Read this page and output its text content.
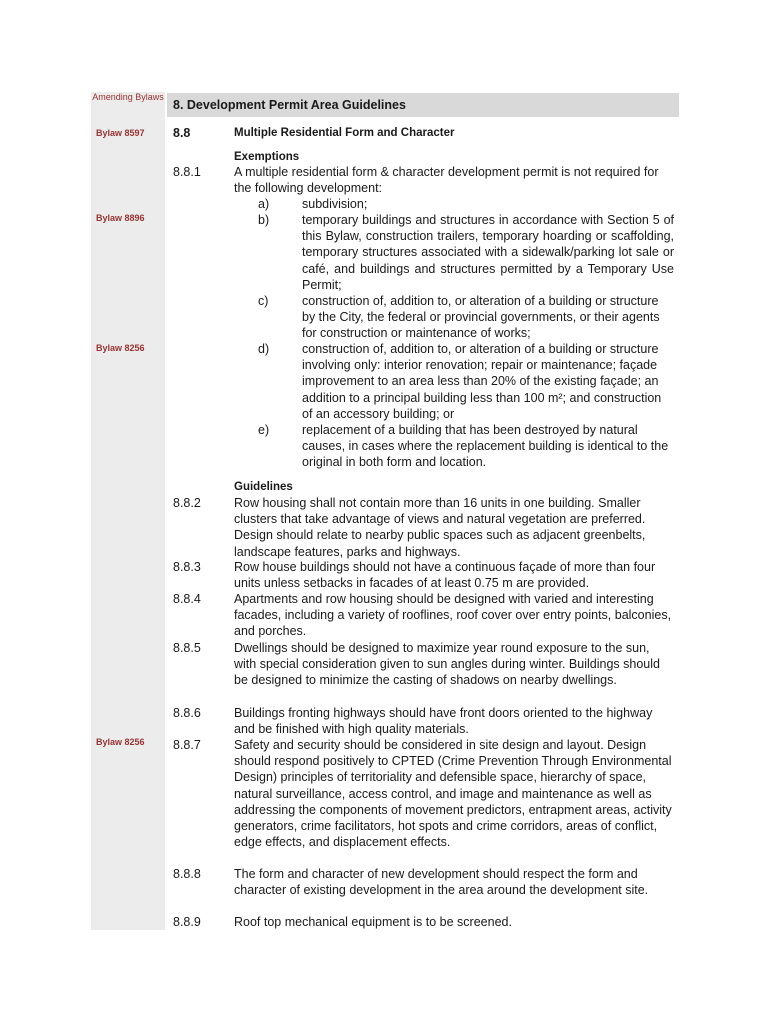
Amending Bylaws
Bylaw 8597
Bylaw 8896
Bylaw 8256
Bylaw 8256
8. Development Permit Area Guidelines
8.8	Multiple Residential Form and Character
Exemptions
8.8.1	A multiple residential form & character development permit is not required for the following development:
a)	subdivision;
b)	temporary buildings and structures in accordance with Section 5 of this Bylaw, construction trailers, temporary hoarding or scaffolding, temporary structures associated with a sidewalk/parking lot sale or café, and buildings and structures permitted by a Temporary Use Permit;
c)	construction of, addition to, or alteration of a building or structure by the City, the federal or provincial governments, or their agents for construction or maintenance of works;
d)	construction of, addition to, or alteration of a building or structure involving only: interior renovation; repair or maintenance; façade improvement to an area less than 20% of the existing façade; an addition to a principal building less than 100 m²; and construction of an accessory building; or
e)	replacement of a building that has been destroyed by natural causes, in cases where the replacement building is identical to the original in both form and location.
Guidelines
8.8.2	Row housing shall not contain more than 16 units in one building. Smaller clusters that take advantage of views and natural vegetation are preferred. Design should relate to nearby public spaces such as adjacent greenbelts, landscape features, parks and highways.
8.8.3	Row house buildings should not have a continuous façade of more than four units unless setbacks in facades of at least 0.75 m are provided.
8.8.4	Apartments and row housing should be designed with varied and interesting facades, including a variety of rooflines, roof cover over entry points, balconies, and porches.
8.8.5	Dwellings should be designed to maximize year round exposure to the sun, with special consideration given to sun angles during winter. Buildings should be designed to minimize the casting of shadows on nearby dwellings.
8.8.6	Buildings fronting highways should have front doors oriented to the highway and be finished with high quality materials.
8.8.7	Safety and security should be considered in site design and layout. Design should respond positively to CPTED (Crime Prevention Through Environmental Design) principles of territoriality and defensible space, hierarchy of space, natural surveillance, access control, and image and maintenance as well as addressing the components of movement predictors, entrapment areas, activity generators, crime facilitators, hot spots and crime corridors, areas of conflict, edge effects, and displacement effects.
8.8.8	The form and character of new development should respect the form and character of existing development in the area around the development site.
8.8.9	Roof top mechanical equipment is to be screened.
